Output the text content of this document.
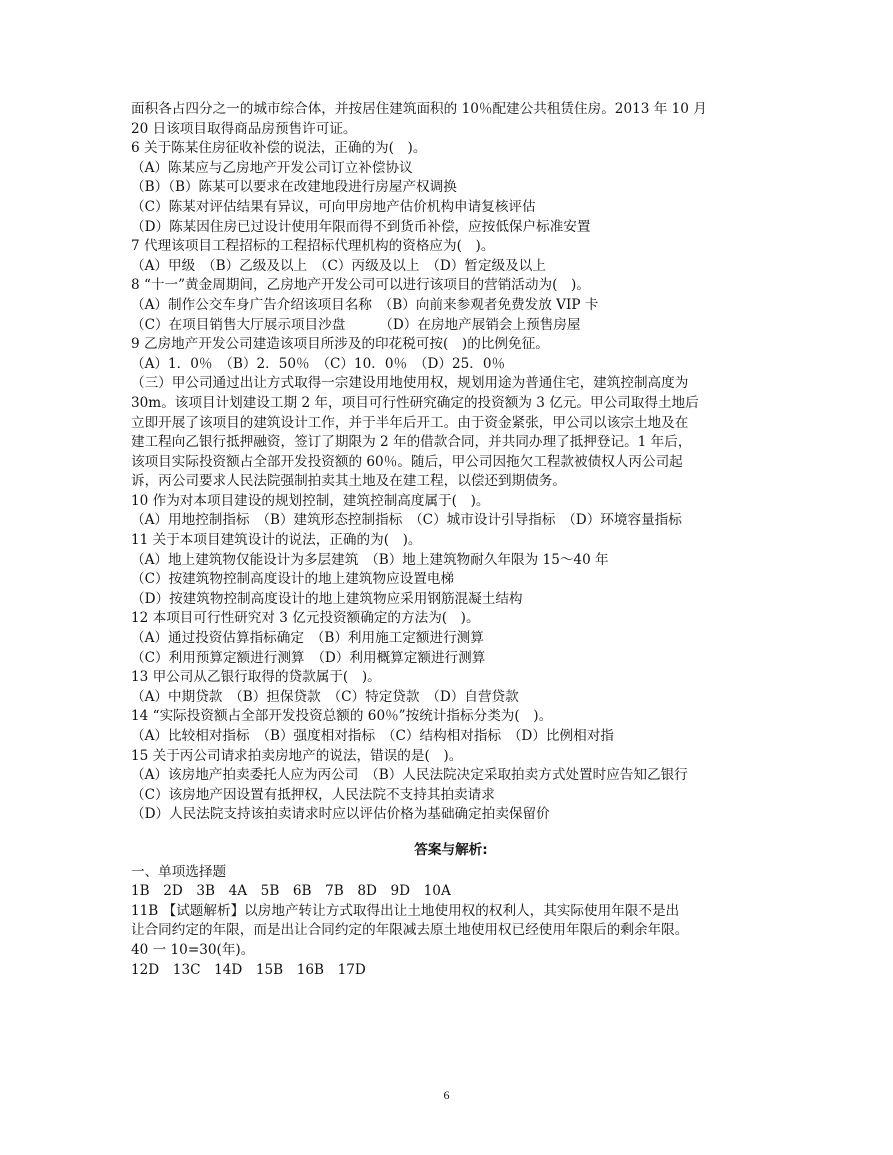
面积各占四分之一的城市综合体，并按居住建筑面积的 10％配建公共租赁住房。2013 年 10 月
20 日该项目取得商品房预售许可证。
6 关于陈某住房征收补偿的说法，正确的为(　)。
（A）陈某应与乙房地产开发公司订立补偿协议
（B）（B）陈某可以要求在改建地段进行房屋产权调换
（C）陈某对评估结果有异议，可向甲房地产估价机构申请复核评估
（D）陈某因住房已过设计使用年限而得不到货币补偿，应按低保户标准安置
7 代理该项目工程招标的工程招标代理机构的资格应为(　)。
（A）甲级　（B）乙级及以上　（C）丙级及以上　（D）暂定级及以上
8 “十一”黄金周期间，乙房地产开发公司可以进行该项目的营销活动为(　)。
（A）制作公交车身广告介绍该项目名称　（B）向前来参观者免费发放 VIP 卡
（C）在项目销售大厅展示项目沙盘　　　（D）在房地产展销会上预售房屋
9 乙房地产开发公司建造该项目所涉及的印花税可按(　)的比例免征。
（A）1．0％　（B）2．50％　（C）10．0％　（D）25．0％
（三）甲公司通过出让方式取得一宗建设用地使用权，规划用途为普通住宅，建筑控制高度为
30m。该项目计划建设工期 2 年，项目可行性研究确定的投资额为 3 亿元。甲公司取得土地后
立即开展了该项目的建筑设计工作，并于半年后开工。由于资金紧张，甲公司以该宗土地及在
建工程向乙银行抵押融资，签订了期限为 2 年的借款合同，并共同办理了抵押登记。1 年后，
该项目实际投资额占全部开发投资额的 60％。随后，甲公司因拖欠工程款被债权人丙公司起
诉，丙公司要求人民法院强制拍卖其土地及在建工程，以偿还到期债务。
10 作为对本项目建设的规划控制，建筑控制高度属于(　)。
（A）用地控制指标　（B）建筑形态控制指标　（C）城市设计引导指标　（D）环境容量指标
11 关于本项目建筑设计的说法，正确的为(　)。
（A）地上建筑物仅能设计为多层建筑　（B）地上建筑物耐久年限为 15～40 年
（C）按建筑物控制高度设计的地上建筑物应设置电梯
（D）按建筑物控制高度设计的地上建筑物应采用钢筋混凝土结构
12 本项目可行性研究对 3 亿元投资额确定的方法为(　)。
（A）通过投资估算指标确定　（B）利用施工定额进行测算
（C）利用预算定额进行测算　（D）利用概算定额进行测算
13 甲公司从乙银行取得的贷款属于(　)。
（A）中期贷款　（B）担保贷款　（C）特定贷款　（D）自营贷款
14 “实际投资额占全部开发投资总额的 60％”按统计指标分类为(　)。
（A）比较相对指标　（B）强度相对指标　（C）结构相对指标　（D）比例相对指
15 关于丙公司请求拍卖房地产的说法，错误的是(　)。
（A）该房地产拍卖委托人应为丙公司　（B）人民法院决定采取拍卖方式处置时应告知乙银行
（C）该房地产因设置有抵押权，人民法院不支持其拍卖请求
（D）人民法院支持该拍卖请求时应以评估价格为基础确定拍卖保留价
答案与解析:
一、单项选择题
1B　2D　3B　4A　5B　6B　7B　8D　9D　10A
11B 【试题解析】以房地产转让方式取得出让土地使用权的权利人，其实际使用年限不是出
让合同约定的年限，而是出让合同约定的年限减去原土地使用权已经使用年限后的剩余年限。
40 一 10=30(年)。
12D　13C　14D　15B　16B　17D
6
